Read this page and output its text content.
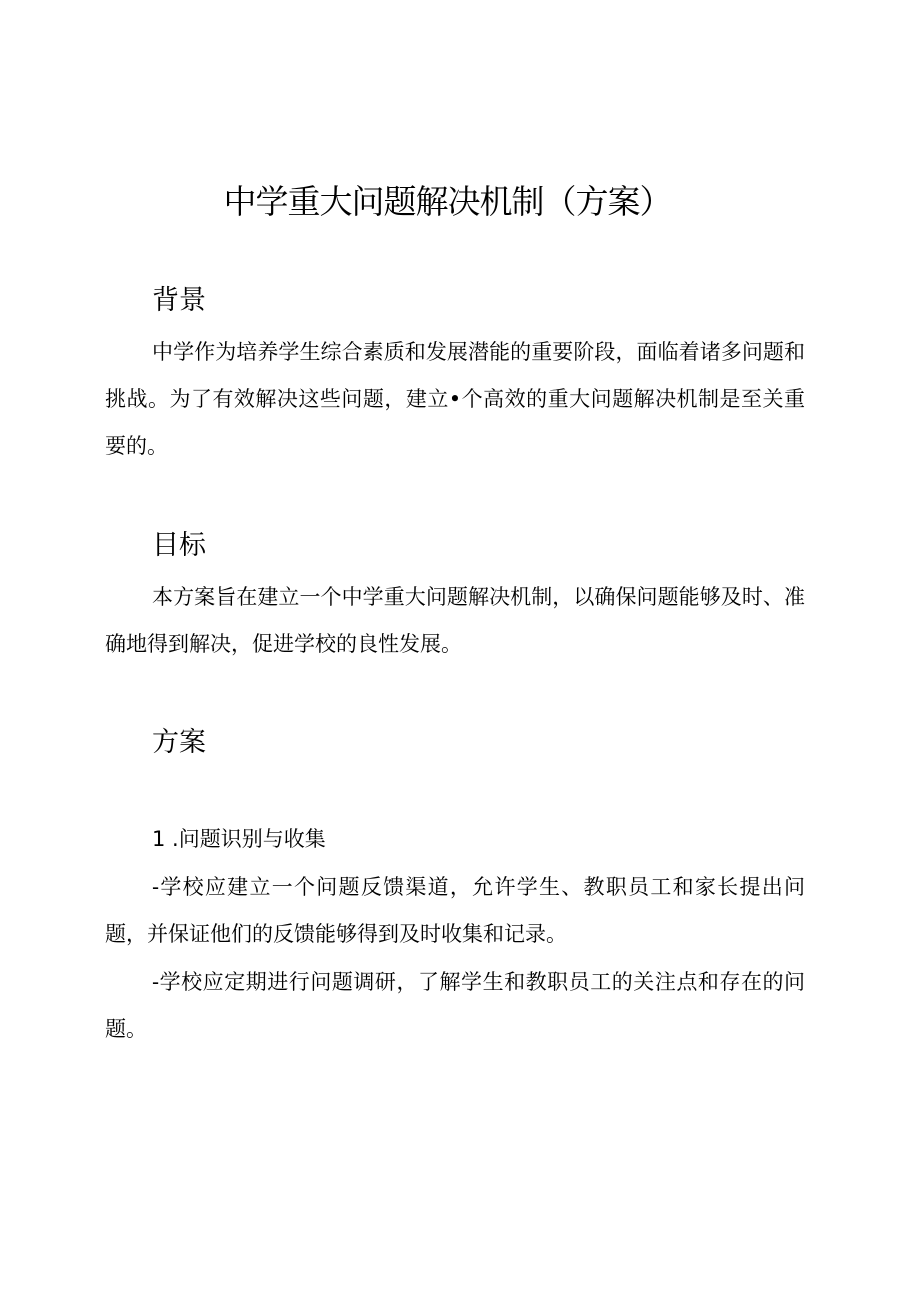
中学重大问题解决机制（方案）
背景

中学作为培养学生综合素质和发展潜能的重要阶段，面临着诸多问题和挑战。为了有效解决这些问题，建立•个高效的重大问题解决机制是至关重要的。

目标

本方案旨在建立一个中学重大问题解决机制，以确保问题能够及时、准确地得到解决，促进学校的良性发展。

方案
1 .问题识别与收集

-学校应建立一个问题反馈渠道，允许学生、教职员工和家长提出问题，并保证他们的反馈能够得到及时收集和记录。

-学校应定期进行问题调研，了解学生和教职员工的关注点和存在的问题。
